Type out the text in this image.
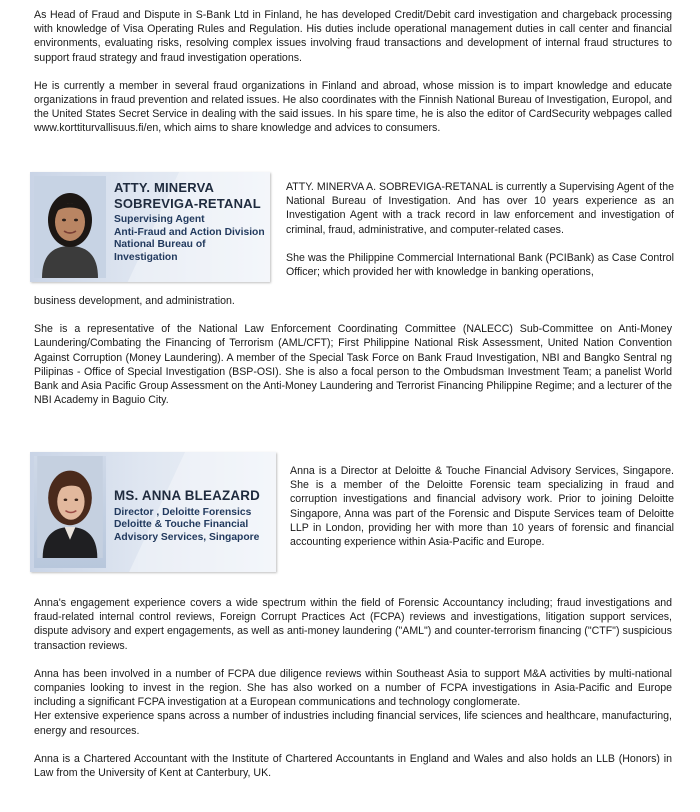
As Head of Fraud and Dispute in S-Bank Ltd in Finland, he has developed Credit/Debit card investigation and chargeback processing with knowledge of Visa Operating Rules and Regulation. His duties include operational management duties in call center and financial environments, evaluating risks, resolving complex issues involving fraud transactions and development of internal fraud structures to support fraud strategy and fraud investigation operations.

He is currently a member in several fraud organizations in Finland and abroad, whose mission is to impart knowledge and educate organizations in fraud prevention and related issues. He also coordinates with the Finnish National Bureau of Investigation, Europol, and the United States Secret Service in dealing with the said issues. In his spare time, he is also the editor of CardSecurity webpages called www.korttiturvallisuus.fi/en, which aims to share knowledge and advices to consumers.

ATTY. MINERVA
SOBREVIGA-RETANAL
Supervising Agent
Anti-Fraud and Action Division
National Bureau of
Investigation

ATTY. MINERVA A. SOBREVIGA-RETANAL is currently a Supervising Agent of the National Bureau of Investigation. And has over 10 years experience as an Investigation Agent with a track record in law enforcement and investigation of criminal, fraud, administrative, and computer-related cases.

She was the Philippine Commercial International Bank (PCIBank) as Case Control Officer; which provided her with knowledge in banking operations,

business development, and administration.

She is a representative of the National Law Enforcement Coordinating Committee (NALECC) Sub-Committee on Anti-Money Laundering/Combating the Financing of Terrorism (AML/CFT); First Philippine National Risk Assessment, United Nation Convention Against Corruption (Money Laundering). A member of the Special Task Force on Bank Fraud Investigation, NBI and Bangko Sentral ng Pilipinas - Office of Special Investigation (BSP-OSI). She is also a focal person to the Ombudsman Investment Team; a panelist World Bank and Asia Pacific Group Assessment on the Anti-Money Laundering and Terrorist Financing Philippine Regime; and a lecturer of the NBI Academy in Baguio City.

MS. ANNA BLEAZARD
Director , Deloitte Forensics
Deloitte & Touche Financial
Advisory Services, Singapore

Anna is a Director at Deloitte & Touche Financial Advisory Services, Singapore. She is a member of the Deloitte Forensic team specializing in fraud and corruption investigations and financial advisory work. Prior to joining Deloitte Singapore, Anna was part of the Forensic and Dispute Services team of Deloitte LLP in London, providing her with more than 10 years of forensic and financial accounting experience within Asia-Pacific and Europe.

Anna's engagement experience covers a wide spectrum within the field of Forensic Accountancy including; fraud investigations and fraud-related internal control reviews, Foreign Corrupt Practices Act (FCPA) reviews and investigations, litigation support services, dispute advisory and expert engagements, as well as anti-money laundering ("AML") and counter-terrorism financing ("CTF") suspicious transaction reviews.

Anna has been involved in a number of FCPA due diligence reviews within Southeast Asia to support M&A activities by multi-national companies looking to invest in the region. She has also worked on a number of FCPA investigations in Asia-Pacific and Europe including a significant FCPA investigation at a European communications and technology conglomerate.

Her extensive experience spans across a number of industries including financial services, life sciences and healthcare, manufacturing, energy and resources.

Anna is a Chartered Accountant with the Institute of Chartered Accountants in England and Wales and also holds an LLB (Honors) in Law from the University of Kent at Canterbury, UK.
